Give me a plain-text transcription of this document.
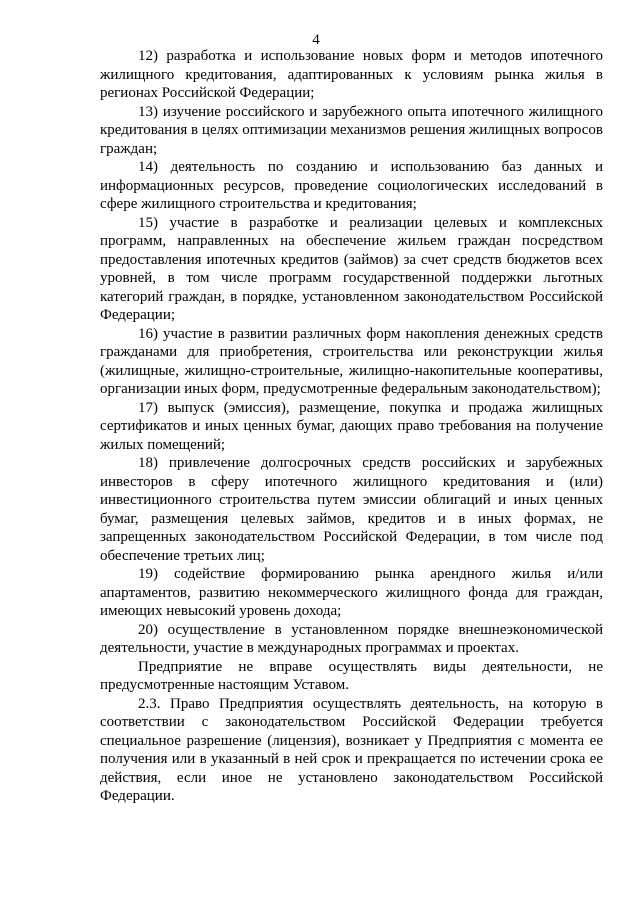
4

12) разработка и использование новых форм и методов ипотечного жилищного кредитования, адаптированных к условиям рынка жилья в регионах Российской Федерации;

13) изучение российского и зарубежного опыта ипотечного жилищного кредитования в целях оптимизации механизмов решения жилищных вопросов граждан;

14) деятельность по созданию и использованию баз данных и информационных ресурсов, проведение социологических исследований в сфере жилищного строительства и кредитования;

15) участие в разработке и реализации целевых и комплексных программ, направленных на обеспечение жильем граждан посредством предоставления ипотечных кредитов (займов) за счет средств бюджетов всех уровней, в том числе программ государственной поддержки льготных категорий граждан, в порядке, установленном законодательством Российской Федерации;

16) участие в развитии различных форм накопления денежных средств гражданами для приобретения, строительства или реконструкции жилья (жилищные, жилищно-строительные, жилищно-накопительные кооперативы, организации иных форм, предусмотренные федеральным законодательством);

17) выпуск (эмиссия), размещение, покупка и продажа жилищных сертификатов и иных ценных бумаг, дающих право требования на получение жилых помещений;

18) привлечение долгосрочных средств российских и зарубежных инвесторов в сферу ипотечного жилищного кредитования и (или) инвестиционного строительства путем эмиссии облигаций и иных ценных бумаг, размещения целевых займов, кредитов и в иных формах, не запрещенных законодательством Российской Федерации, в том числе под обеспечение третьих лиц;

19) содействие формированию рынка арендного жилья и/или апартаментов, развитию некоммерческого жилищного фонда для граждан, имеющих невысокий уровень дохода;

20) осуществление в установленном порядке внешнеэкономической деятельности, участие в международных программах и проектах.

Предприятие не вправе осуществлять виды деятельности, не предусмотренные настоящим Уставом.

2.3. Право Предприятия осуществлять деятельность, на которую в соответствии с законодательством Российской Федерации требуется специальное разрешение (лицензия), возникает у Предприятия с момента ее получения или в указанный в ней срок и прекращается по истечении срока ее действия, если иное не установлено законодательством Российской Федерации.
